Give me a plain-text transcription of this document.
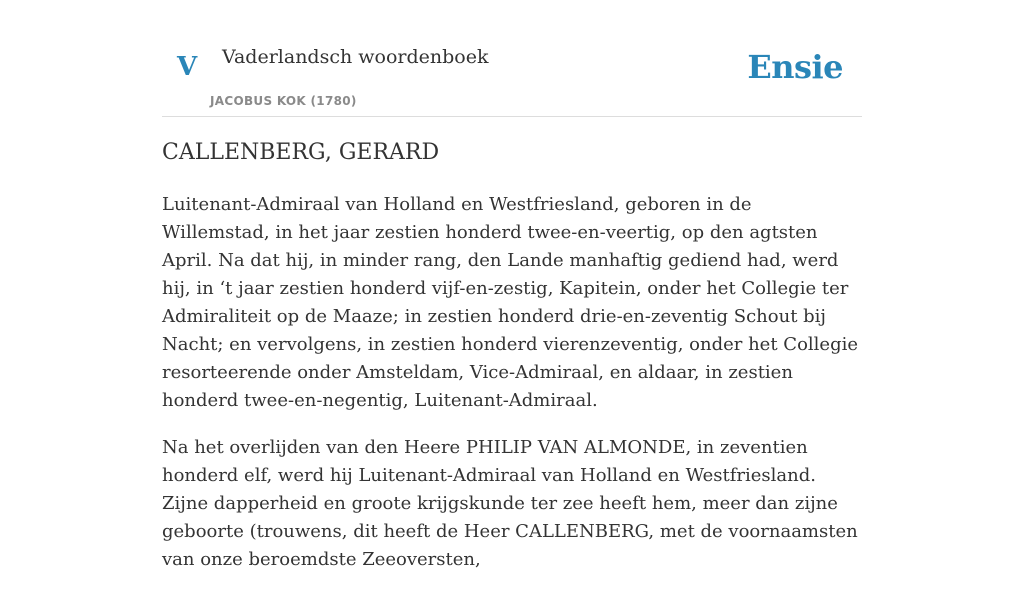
V Vaderlandsch woordenboek
JACOBUS KOK (1780)
Ensie
CALLENBERG, GERARD

Luitenant-Admiraal van Holland en Westfriesland, geboren in de Willemstad, in het jaar zestien honderd twee-en-veertig, op den agtsten April. Na dat hij, in minder rang, den Lande manhaftig gediend had, werd hij, in ‘t jaar zestien honderd vijf-en-zestig, Kapitein, onder het Collegie ter Admiraliteit op de Maaze; in zestien honderd drie-en-zeventig Schout bij Nacht; en vervolgens, in zestien honderd vierenzeventig, onder het Collegie resorteerende onder Amsteldam, Vice-Admiraal, en aldaar, in zestien honderd twee-en-negentig, Luitenant-Admiraal.

Na het overlijden van den Heere PHILIP VAN ALMONDE, in zeventien honderd elf, werd hij Luitenant-Admiraal van Holland en Westfriesland. Zijne dapperheid en groote krijgskunde ter zee heeft hem, meer dan zijne geboorte (trouwens, dit heeft de Heer CALLENBERG, met de voornaamsten van onze beroemdste Zeeoversten,
